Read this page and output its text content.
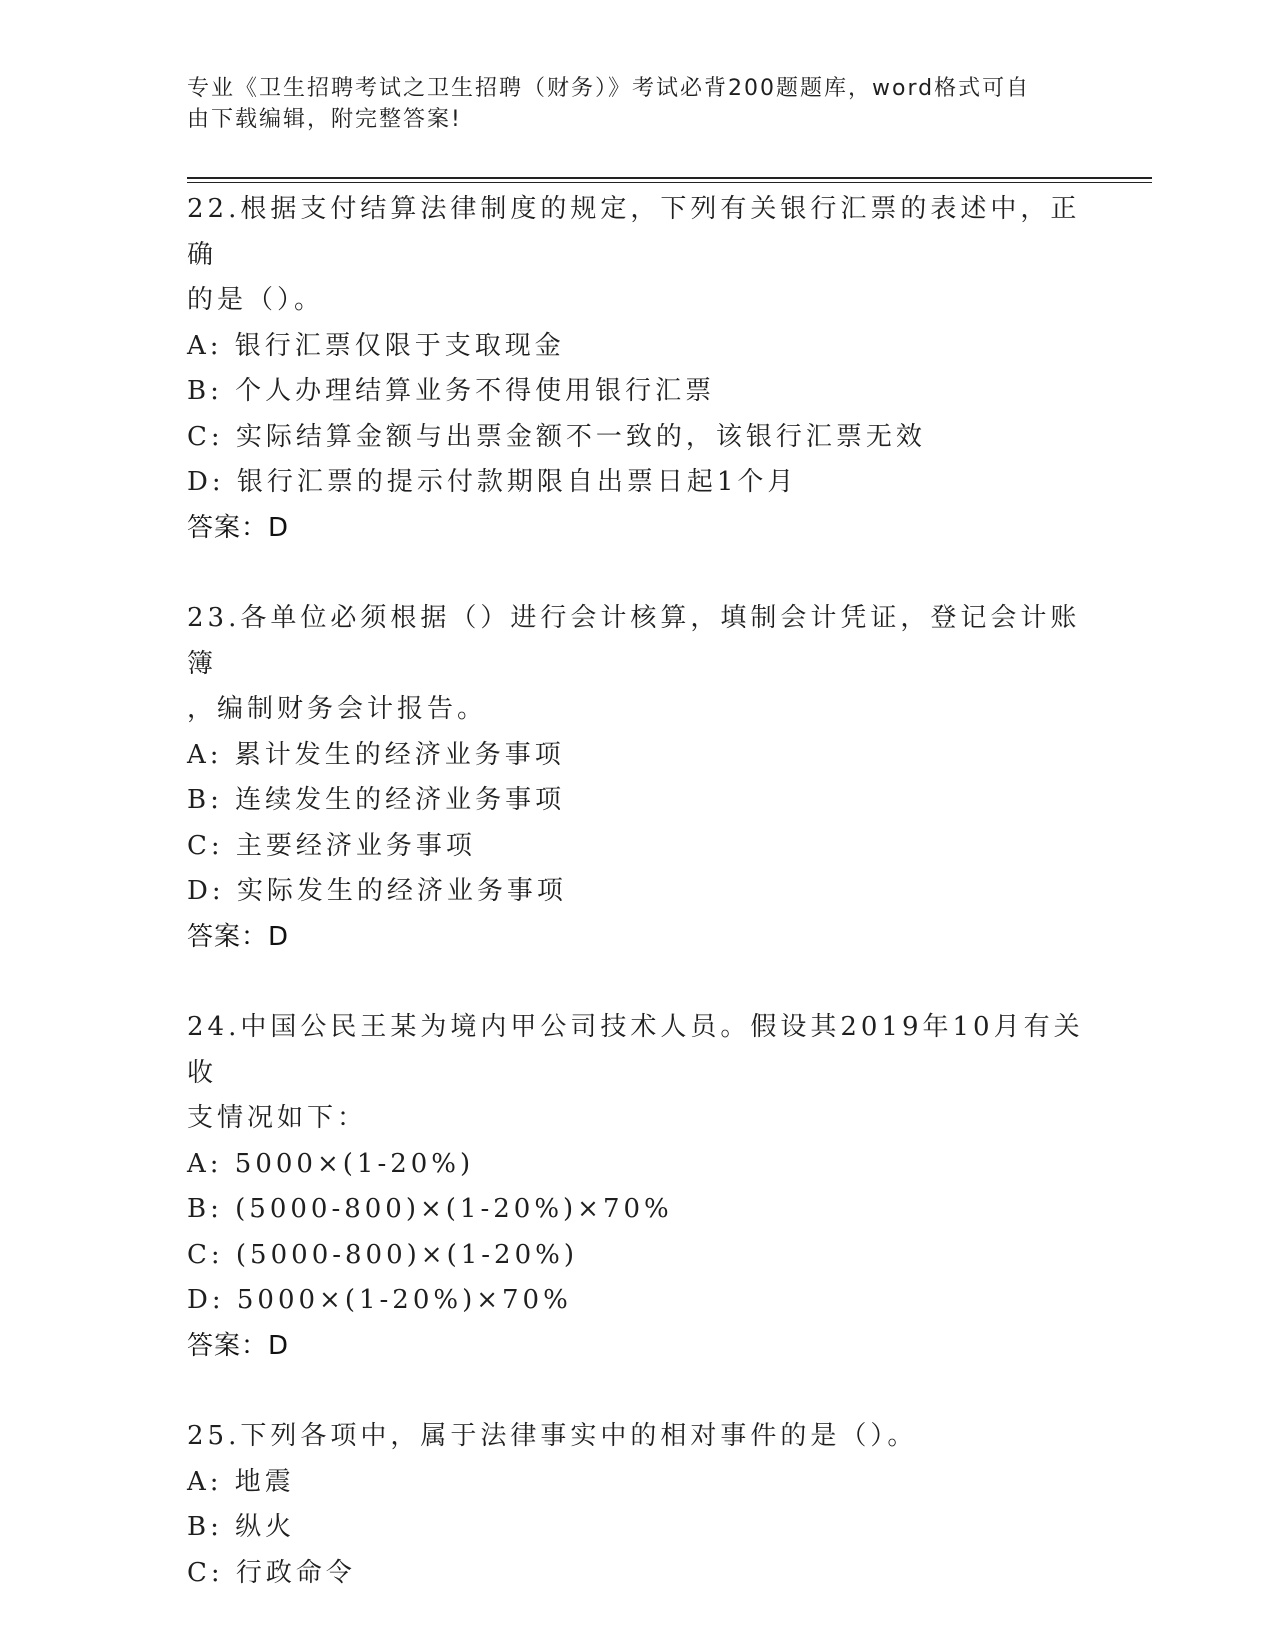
专业《卫生招聘考试之卫生招聘（财务）》考试必背200题题库，word格式可自
由下载编辑，附完整答案!
22.根据支付结算法律制度的规定，下列有关银行汇票的表述中，正确
的是（）。
A: 银行汇票仅限于支取现金
B: 个人办理结算业务不得使用银行汇票
C: 实际结算金额与出票金额不一致的，该银行汇票无效
D: 银行汇票的提示付款期限自出票日起1个月
答案：D
23.各单位必须根据（）进行会计核算，填制会计凭证，登记会计账簿
，编制财务会计报告。
A: 累计发生的经济业务事项
B: 连续发生的经济业务事项
C: 主要经济业务事项
D: 实际发生的经济业务事项
答案：D
24.中国公民王某为境内甲公司技术人员。假设其2019年10月有关收
支情况如下：
A: 5000×(1-20%)
B: (5000-800)×(1-20%)×70%
C: (5000-800)×(1-20%)
D: 5000×(1-20%)×70%
答案：D
25.下列各项中，属于法律事实中的相对事件的是（）。
A: 地震
B: 纵火
C: 行政命令
